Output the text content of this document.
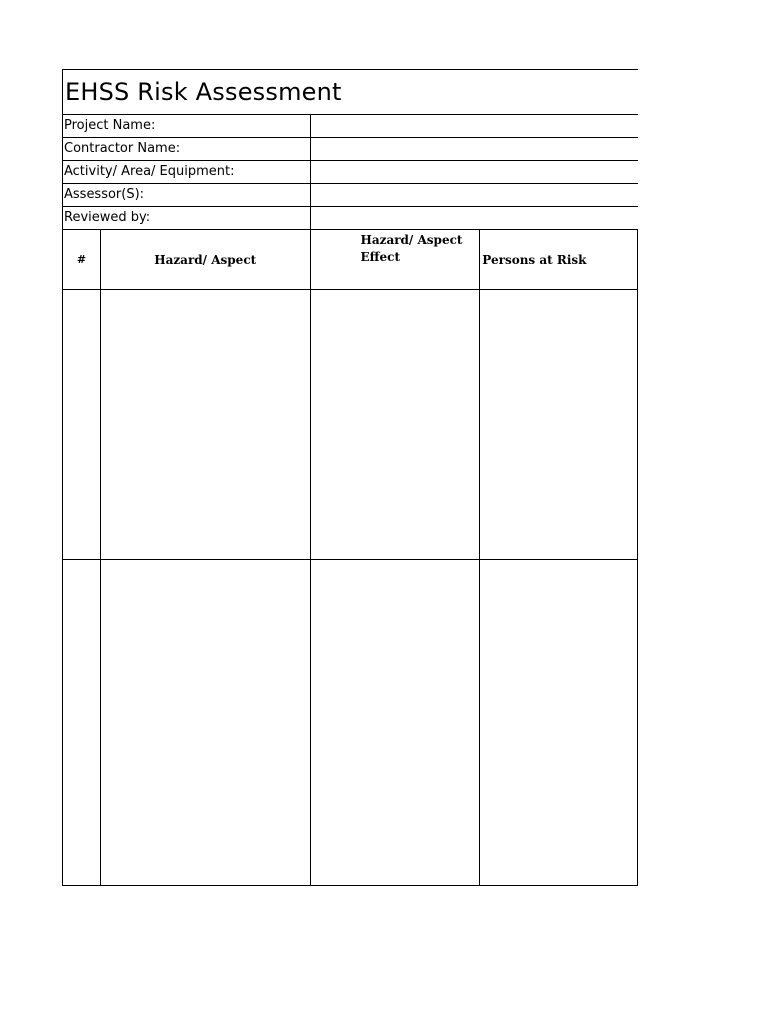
EHSS Risk Assessment
Project Name:
Contractor Name:
Activity/ Area/ Equipment:
Assessor(S):
Reviewed by:
#	Hazard/ Aspect
Hazard/ Aspect
Effect	Persons at Risk
